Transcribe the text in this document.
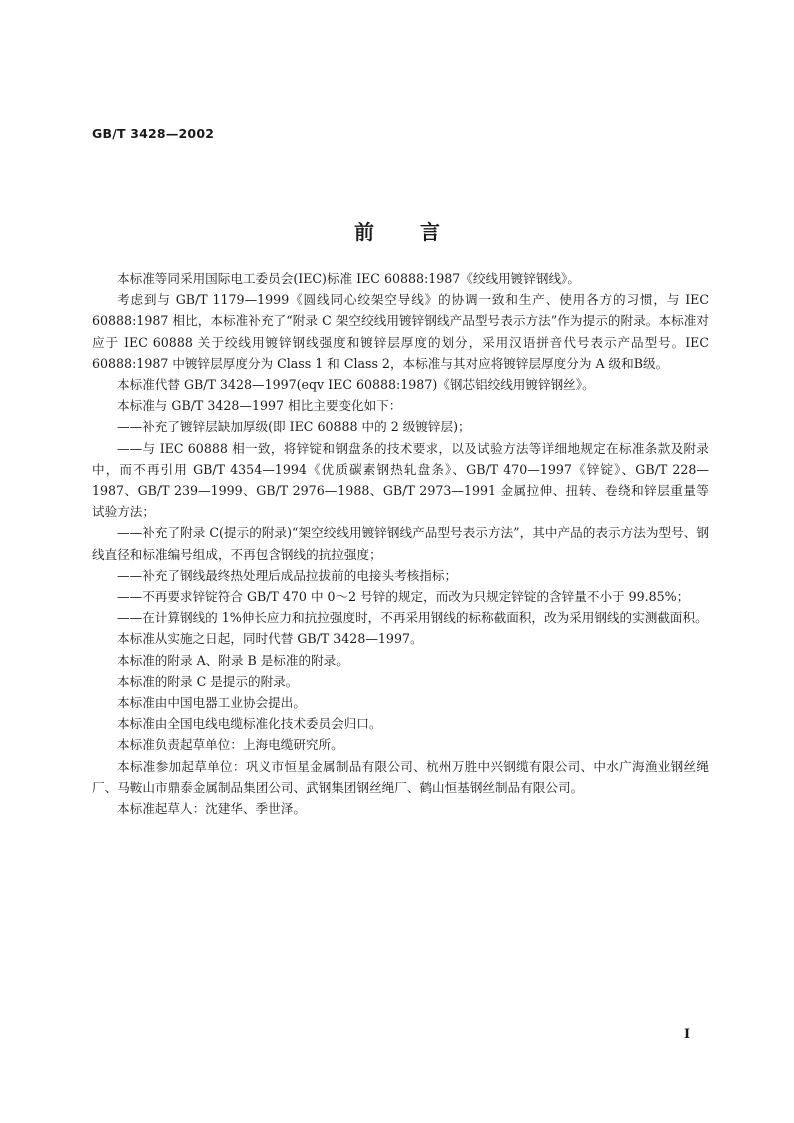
GB/T 3428—2002
前言

本标准等同采用国际电工委员会(IEC)标准 IEC 60888:1987《绞线用镀锌钢线》。

考虑到与 GB/T 1179—1999《圆线同心绞架空导线》的协调一致和生产、使用各方的习惯，与 IEC 60888:1987 相比，本标准补充了“附录 C 架空绞线用镀锌钢线产品型号表示方法”作为提示的附录。本标准对应于 IEC 60888 关于绞线用镀锌钢线强度和镀锌层厚度的划分，采用汉语拼音代号表示产品型号。IEC 60888:1987 中镀锌层厚度分为 Class 1 和 Class 2，本标准与其对应将镀锌层厚度分为 A 级和B级。

本标准代替 GB/T 3428—1997(eqv IEC 60888:1987)《钢芯铝绞线用镀锌钢丝》。

本标准与 GB/T 3428—1997 相比主要变化如下：

——补充了镀锌层缺加厚级(即 IEC 60888 中的 2 级镀锌层)；

——与 IEC 60888 相一致，将锌锭和钢盘条的技术要求，以及试验方法等详细地规定在标准条款及附录中，而不再引用 GB/T 4354—1994《优质碳素钢热轧盘条》、GB/T 470—1997《锌锭》、GB/T 228—1987、GB/T 239—1999、GB/T 2976—1988、GB/T 2973—1991 金属拉伸、扭转、卷绕和锌层重量等试验方法；

——补充了附录 C(提示的附录)“架空绞线用镀锌钢线产品型号表示方法”，其中产品的表示方法为型号、钢线直径和标准编号组成，不再包含钢线的抗拉强度；

——补充了钢线最终热处理后成品拉拔前的电接头考核指标；

——不再要求锌锭符合 GB/T 470 中 0～2 号锌的规定，而改为只规定锌锭的含锌量不小于 99.85%；

——在计算钢线的 1%伸长应力和抗拉强度时，不再采用钢线的标称截面积，改为采用钢线的实测截面积。

本标准从实施之日起，同时代替 GB/T 3428—1997。

本标准的附录 A、附录 B 是标准的附录。

本标准的附录 C 是提示的附录。

本标准由中国电器工业协会提出。

本标准由全国电线电缆标准化技术委员会归口。

本标准负责起草单位：上海电缆研究所。

本标准参加起草单位：巩义市恒星金属制品有限公司、杭州万胜中兴钢缆有限公司、中水广海渔业钢丝绳厂、马鞍山市鼎泰金属制品集团公司、武钢集团钢丝绳厂、鹤山恒基钢丝制品有限公司。

本标准起草人：沈建华、季世泽。

I
